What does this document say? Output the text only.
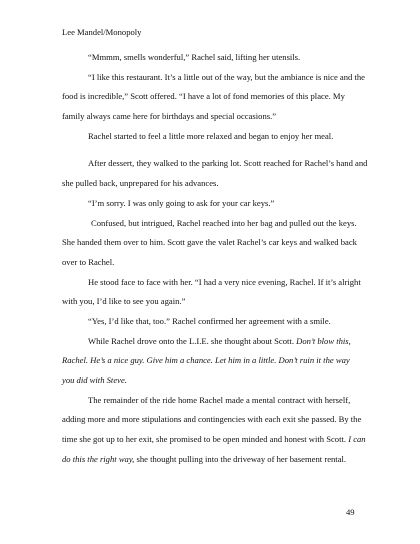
Lee Mandel/Monopoly
“Mmmm, smells wonderful,” Rachel said, lifting her utensils.
“I like this restaurant. It’s a little out of the way, but the ambiance is nice and the
food is incredible,” Scott offered. “I have a lot of fond memories of this place. My
family always came here for birthdays and special occasions.”
Rachel started to feel a little more relaxed and began to enjoy her meal.
After dessert, they walked to the parking lot. Scott reached for Rachel’s hand and
she pulled back, unprepared for his advances.
“I’m sorry. I was only going to ask for your car keys.”
Confused, but intrigued, Rachel reached into her bag and pulled out the keys.
She handed them over to him. Scott gave the valet Rachel’s car keys and walked back
over to Rachel.
He stood face to face with her. “I had a very nice evening, Rachel. If it’s alright
with you, I’d like to see you again.”
“Yes, I’d like that, too.” Rachel confirmed her agreement with a smile.
While Rachel drove onto the L.I.E. she thought about Scott. Don’t blow this,
Rachel. He’s a nice guy. Give him a chance. Let him in a little. Don’t ruin it the way
you did with Steve.
The remainder of the ride home Rachel made a mental contract with herself,
adding more and more stipulations and contingencies with each exit she passed. By the
time she got up to her exit, she promised to be open minded and honest with Scott. I can
do this the right way, she thought pulling into the driveway of her basement rental.
49
